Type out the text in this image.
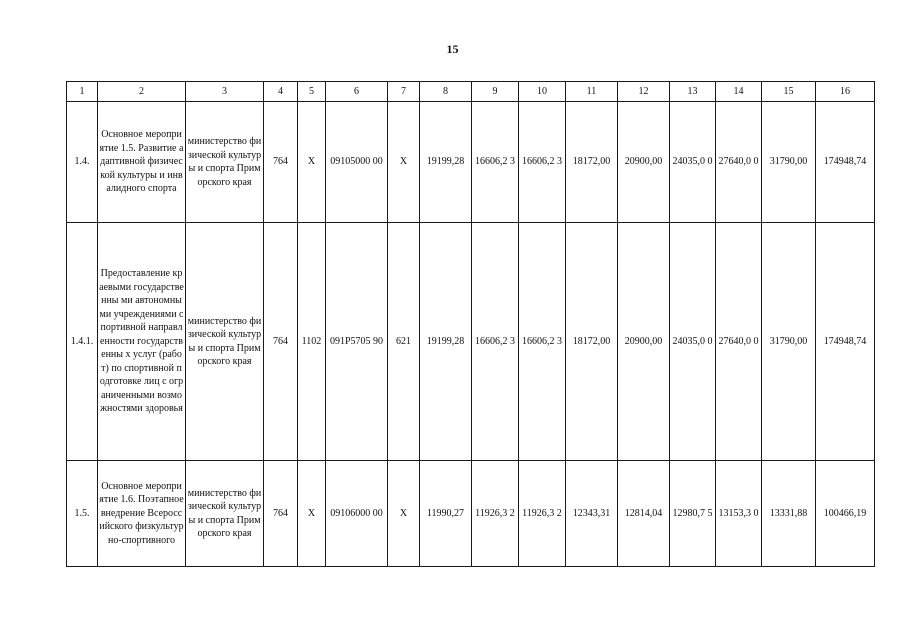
15
1	2	3	4	5	6	7	8	9	10	11	12	13	14	15	16
1.4.	Основное мероприятие 1.5. Развитие адаптивной физической культуры и инвалидного спорта	министерство физической культуры и спорта Приморского края	764	X	09105000 00	X	19199,28	16606,2 3	16606,2 3	18172,00	20900,00	24035,0 0	27640,0 0	31790,00	174948,74
1.4.1.	Предоставление краевыми государственны ми автономными учреждениями спортивной направленности государственны х услуг (работ) по спортивной подготовке лиц с ограниченными возможностями здоровья	министерство физической культуры и спорта Приморского края	764	1102	091P5705 90	621	19199,28	16606,2 3	16606,2 3	18172,00	20900,00	24035,0 0	27640,0 0	31790,00	174948,74
1.5.	Основное мероприятие 1.6. Поэтапное внедрение Всероссийского физкультурно-спортивного	министерство физической культуры и спорта Приморского края	764	X	09106000 00	X	11990,27	11926,3 2	11926,3 2	12343,31	12814,04	12980,7 5	13153,3 0	13331,88	100466,19
